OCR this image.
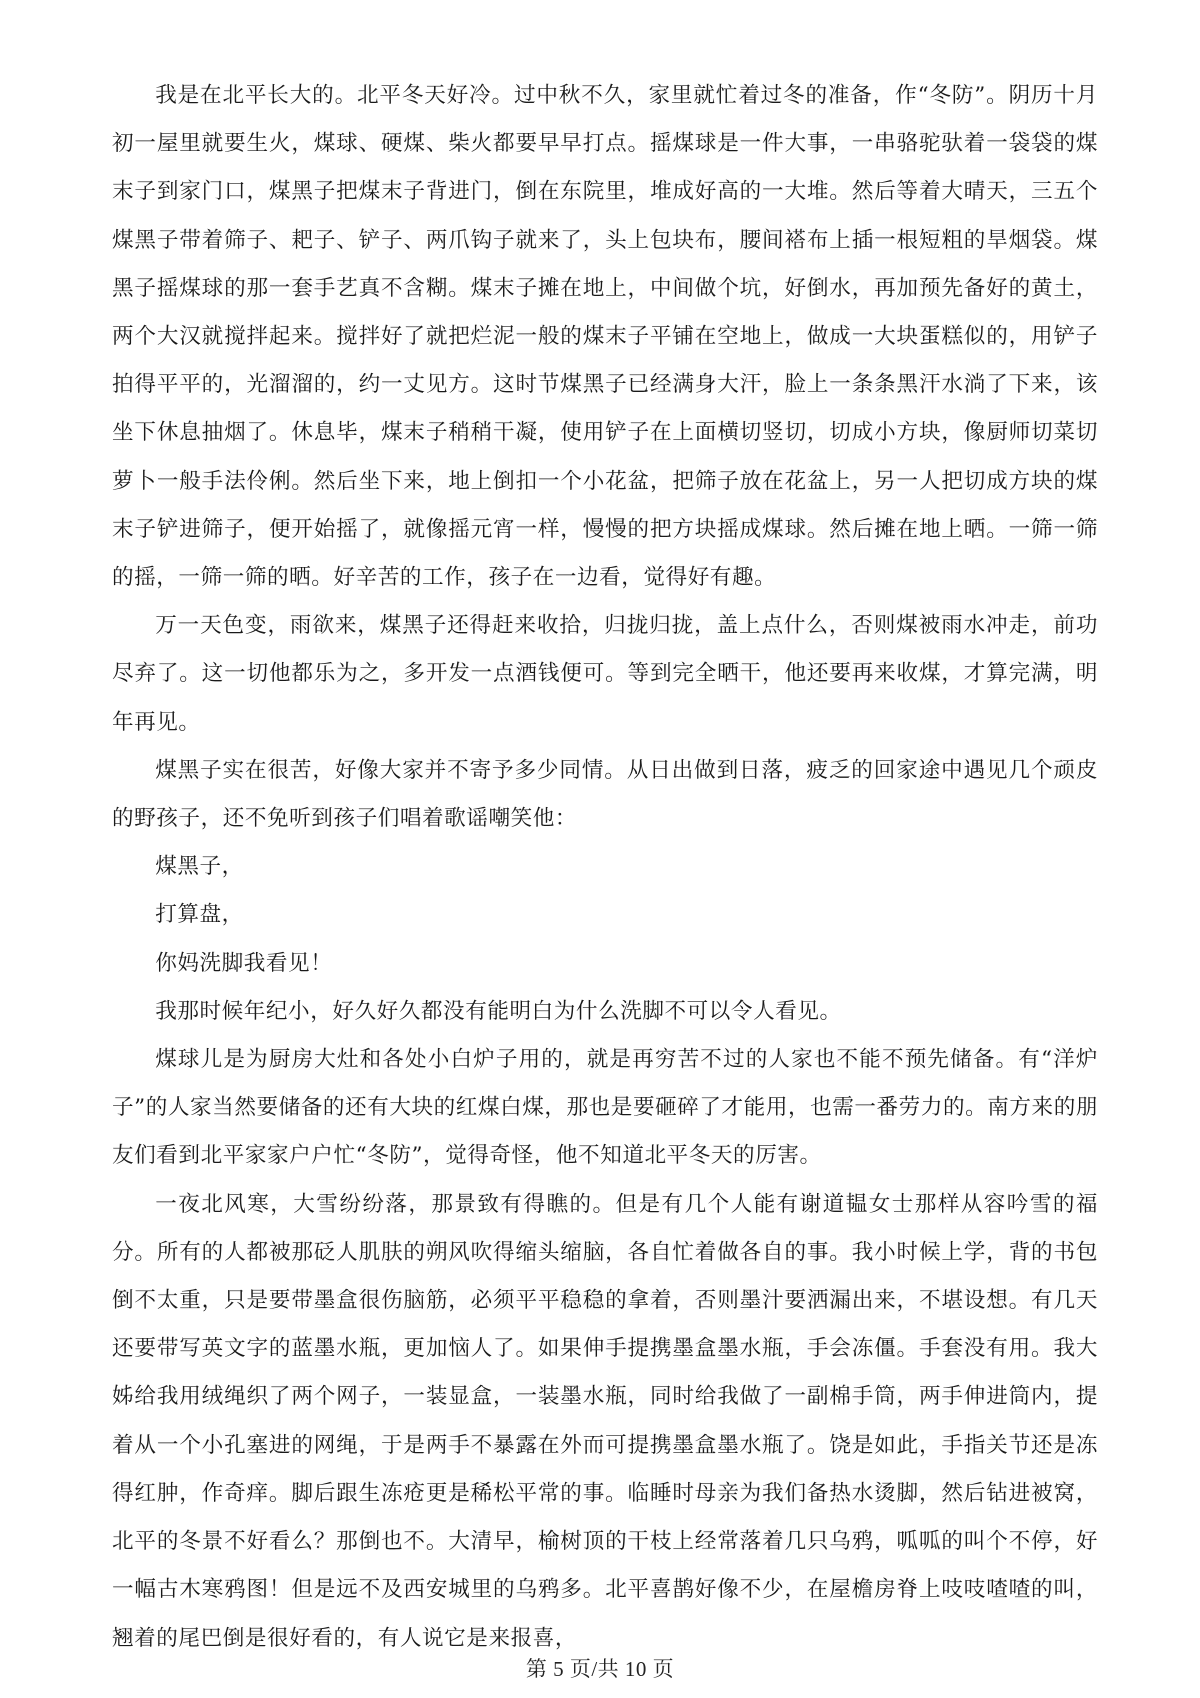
我是在北平长大的。北平冬天好冷。过中秋不久，家里就忙着过冬的准备，作“冬防”。阴历十月初一屋里就要生火，煤球、硬煤、柴火都要早早打点。摇煤球是一件大事，一串骆驼驮着一袋袋的煤末子到家门口，煤黑子把煤末子背进门，倒在东院里，堆成好高的一大堆。然后等着大晴天，三五个煤黑子带着筛子、耙子、铲子、两爪钩子就来了，头上包块布，腰间褡布上插一根短粗的旱烟袋。煤黑子摇煤球的那一套手艺真不含糊。煤末子摊在地上，中间做个坑，好倒水，再加预先备好的黄土，两个大汉就搅拌起来。搅拌好了就把烂泥一般的煤末子平铺在空地上，做成一大块蛋糕似的，用铲子拍得平平的，光溜溜的，约一丈见方。这时节煤黑子已经满身大汗，脸上一条条黑汗水淌了下来，该坐下休息抽烟了。休息毕，煤末子稍稍干凝，使用铲子在上面横切竖切，切成小方块，像厨师切菜切萝卜一般手法伶俐。然后坐下来，地上倒扣一个小花盆，把筛子放在花盆上，另一人把切成方块的煤末子铲进筛子，便开始摇了，就像摇元宵一样，慢慢的把方块摇成煤球。然后摊在地上晒。一筛一筛的摇，一筛一筛的晒。好辛苦的工作，孩子在一边看，觉得好有趣。

万一天色变，雨欲来，煤黑子还得赶来收拾，归拢归拢，盖上点什么，否则煤被雨水冲走，前功尽弃了。这一切他都乐为之，多开发一点酒钱便可。等到完全晒干，他还要再来收煤，才算完满，明年再见。

煤黑子实在很苦，好像大家并不寄予多少同情。从日出做到日落，疲乏的回家途中遇见几个顽皮的野孩子，还不免听到孩子们唱着歌谣嘲笑他：

煤黑子，

打算盘，

你妈洗脚我看见！

我那时候年纪小，好久好久都没有能明白为什么洗脚不可以令人看见。

煤球儿是为厨房大灶和各处小白炉子用的，就是再穷苦不过的人家也不能不预先储备。有“洋炉子”的人家当然要储备的还有大块的红煤白煤，那也是要砸碎了才能用，也需一番劳力的。南方来的朋友们看到北平家家户户忙“冬防”，觉得奇怪，他不知道北平冬天的厉害。

一夜北风寒，大雪纷纷落，那景致有得瞧的。但是有几个人能有谢道韫女士那样从容吟雪的福分。所有的人都被那砭人肌肤的朔风吹得缩头缩脑，各自忙着做各自的事。我小时候上学，背的书包倒不太重，只是要带墨盒很伤脑筋，必须平平稳稳的拿着，否则墨汁要洒漏出来，不堪设想。有几天还要带写英文字的蓝墨水瓶，更加恼人了。如果伸手提携墨盒墨水瓶，手会冻僵。手套没有用。我大姊给我用绒绳织了两个网子，一装显盒，一装墨水瓶，同时给我做了一副棉手筒，两手伸进筒内，提着从一个小孔塞进的网绳，于是两手不暴露在外而可提携墨盒墨水瓶了。饶是如此，手指关节还是冻得红肿，作奇痒。脚后跟生冻疮更是稀松平常的事。临睡时母亲为我们备热水烫脚，然后钻进被窝，北平的冬景不好看么？那倒也不。大清早，榆树顶的干枝上经常落着几只乌鸦，呱呱的叫个不停，好一幅古木寒鸦图！但是远不及西安城里的乌鸦多。北平喜鹊好像不少，在屋檐房脊上吱吱喳喳的叫，翘着的尾巴倒是很好看的，有人说它是来报喜，

第 5 页/共 10 页
